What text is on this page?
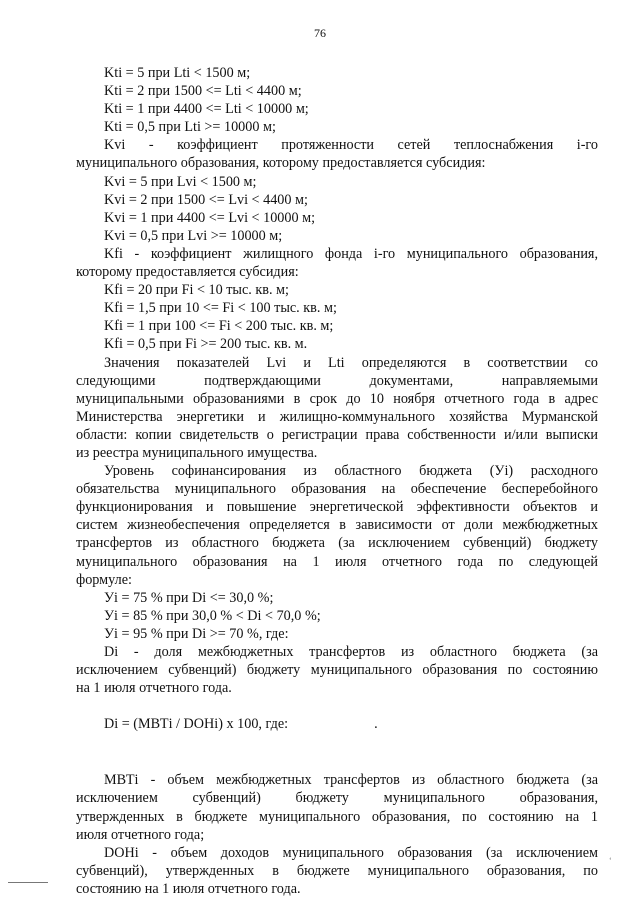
76
Kti = 5 при Lti < 1500 м;
Kti = 2 при 1500 <= Lti < 4400 м;
Kti = 1 при 4400 <= Lti < 10000 м;
Kti = 0,5 при Lti >= 10000 м;
Kvi - коэффициент протяженности сетей теплоснабжения i-го
муниципального образования, которому предоставляется субсидия:
Kvi = 5 при Lvi < 1500 м;
Kvi = 2 при 1500 <= Lvi < 4400 м;
Kvi = 1 при 4400 <= Lvi < 10000 м;
Kvi = 0,5 при Lvi >= 10000 м;
Kfi - коэффициент жилищного фонда i-го муниципального образования,
которому предоставляется субсидия:
Kfi = 20 при Fi < 10 тыс. кв. м;
Kfi = 1,5 при 10 <= Fi < 100 тыс. кв. м;
Kfi = 1 при 100 <= Fi < 200 тыс. кв. м;
Kfi = 0,5 при Fi >= 200 тыс. кв. м.
Значения показателей Lvi и Lti определяются в соответствии со
следующими подтверждающими документами, направляемыми
муниципальными образованиями в срок до 10 ноября отчетного года в адрес
Министерства энергетики и жилищно-коммунального хозяйства Мурманской
области: копии свидетельств о регистрации права собственности и/или выписки
из реестра муниципального имущества.
Уровень софинансирования из областного бюджета (Уi) расходного
обязательства муниципального образования на обеспечение бесперебойного
функционирования и повышение энергетической эффективности объектов и
систем жизнеобеспечения определяется в зависимости от доли межбюджетных
трансфертов из областного бюджета (за исключением субвенций) бюджету
муниципального образования на 1 июля отчетного года по следующей
формуле:
Уi = 75 % при Di <= 30,0 %;
Уi = 85 % при 30,0 % < Di < 70,0 %;
Уi = 95 % при Di >= 70 %, где:
Di - доля межбюджетных трансфертов из областного бюджета (за
исключением субвенций) бюджету муниципального образования по состоянию
на 1 июля отчетного года.
Di = (МВТi / DOHi) x 100, где:	.
МВТi - объем межбюджетных трансфертов из областного бюджета (за
исключением субвенций) бюджету муниципального образования,
утвержденных в бюджете муниципального образования, по состоянию на 1
июля отчетного года;
DOHi - объем доходов муниципального образования (за исключением
субвенций), утвержденных в бюджете муниципального образования, по
состоянию на 1 июля отчетного года.
‘
